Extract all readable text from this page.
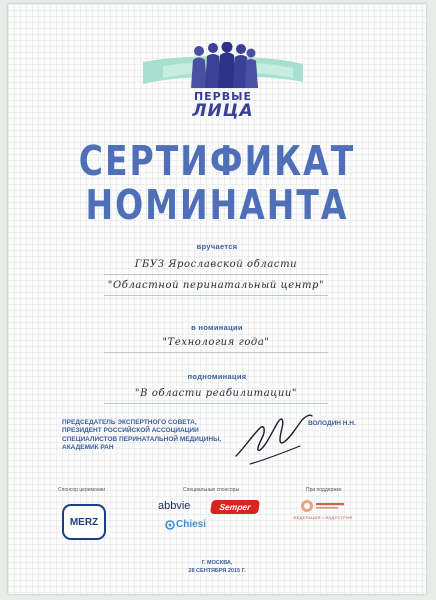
ПЕРВЫЕ
ЛИЦА
СЕРТИФИКАТ
НОМИНАНТА
вручается
ГБУЗ Ярославской области
"Областной перинатальный центр"
в номинации
"Технология года"
подноминация
"В области реабилитации"
ПРЕДСЕДАТЕЛЬ ЭКСПЕРТНОГО СОВЕТА,
ПРЕЗИДЕНТ РОССИЙСКОЙ АССОЦИАЦИИ
СПЕЦИАЛИСТОВ ПЕРИНАТАЛЬНОЙ МЕДИЦИНЫ,
АКАДЕМИК РАН
ВОЛОДИН Н.Н.
Спонсор церемонии	Специальные спонсоры	При поддержке
MERZ
abbvie	Semper
Chiesi
ФЕДЕРАЦИЯ • ИНДУСТРИЯ
Г. МОСКВА,
28 СЕНТЯБРЯ 2015 Г.
